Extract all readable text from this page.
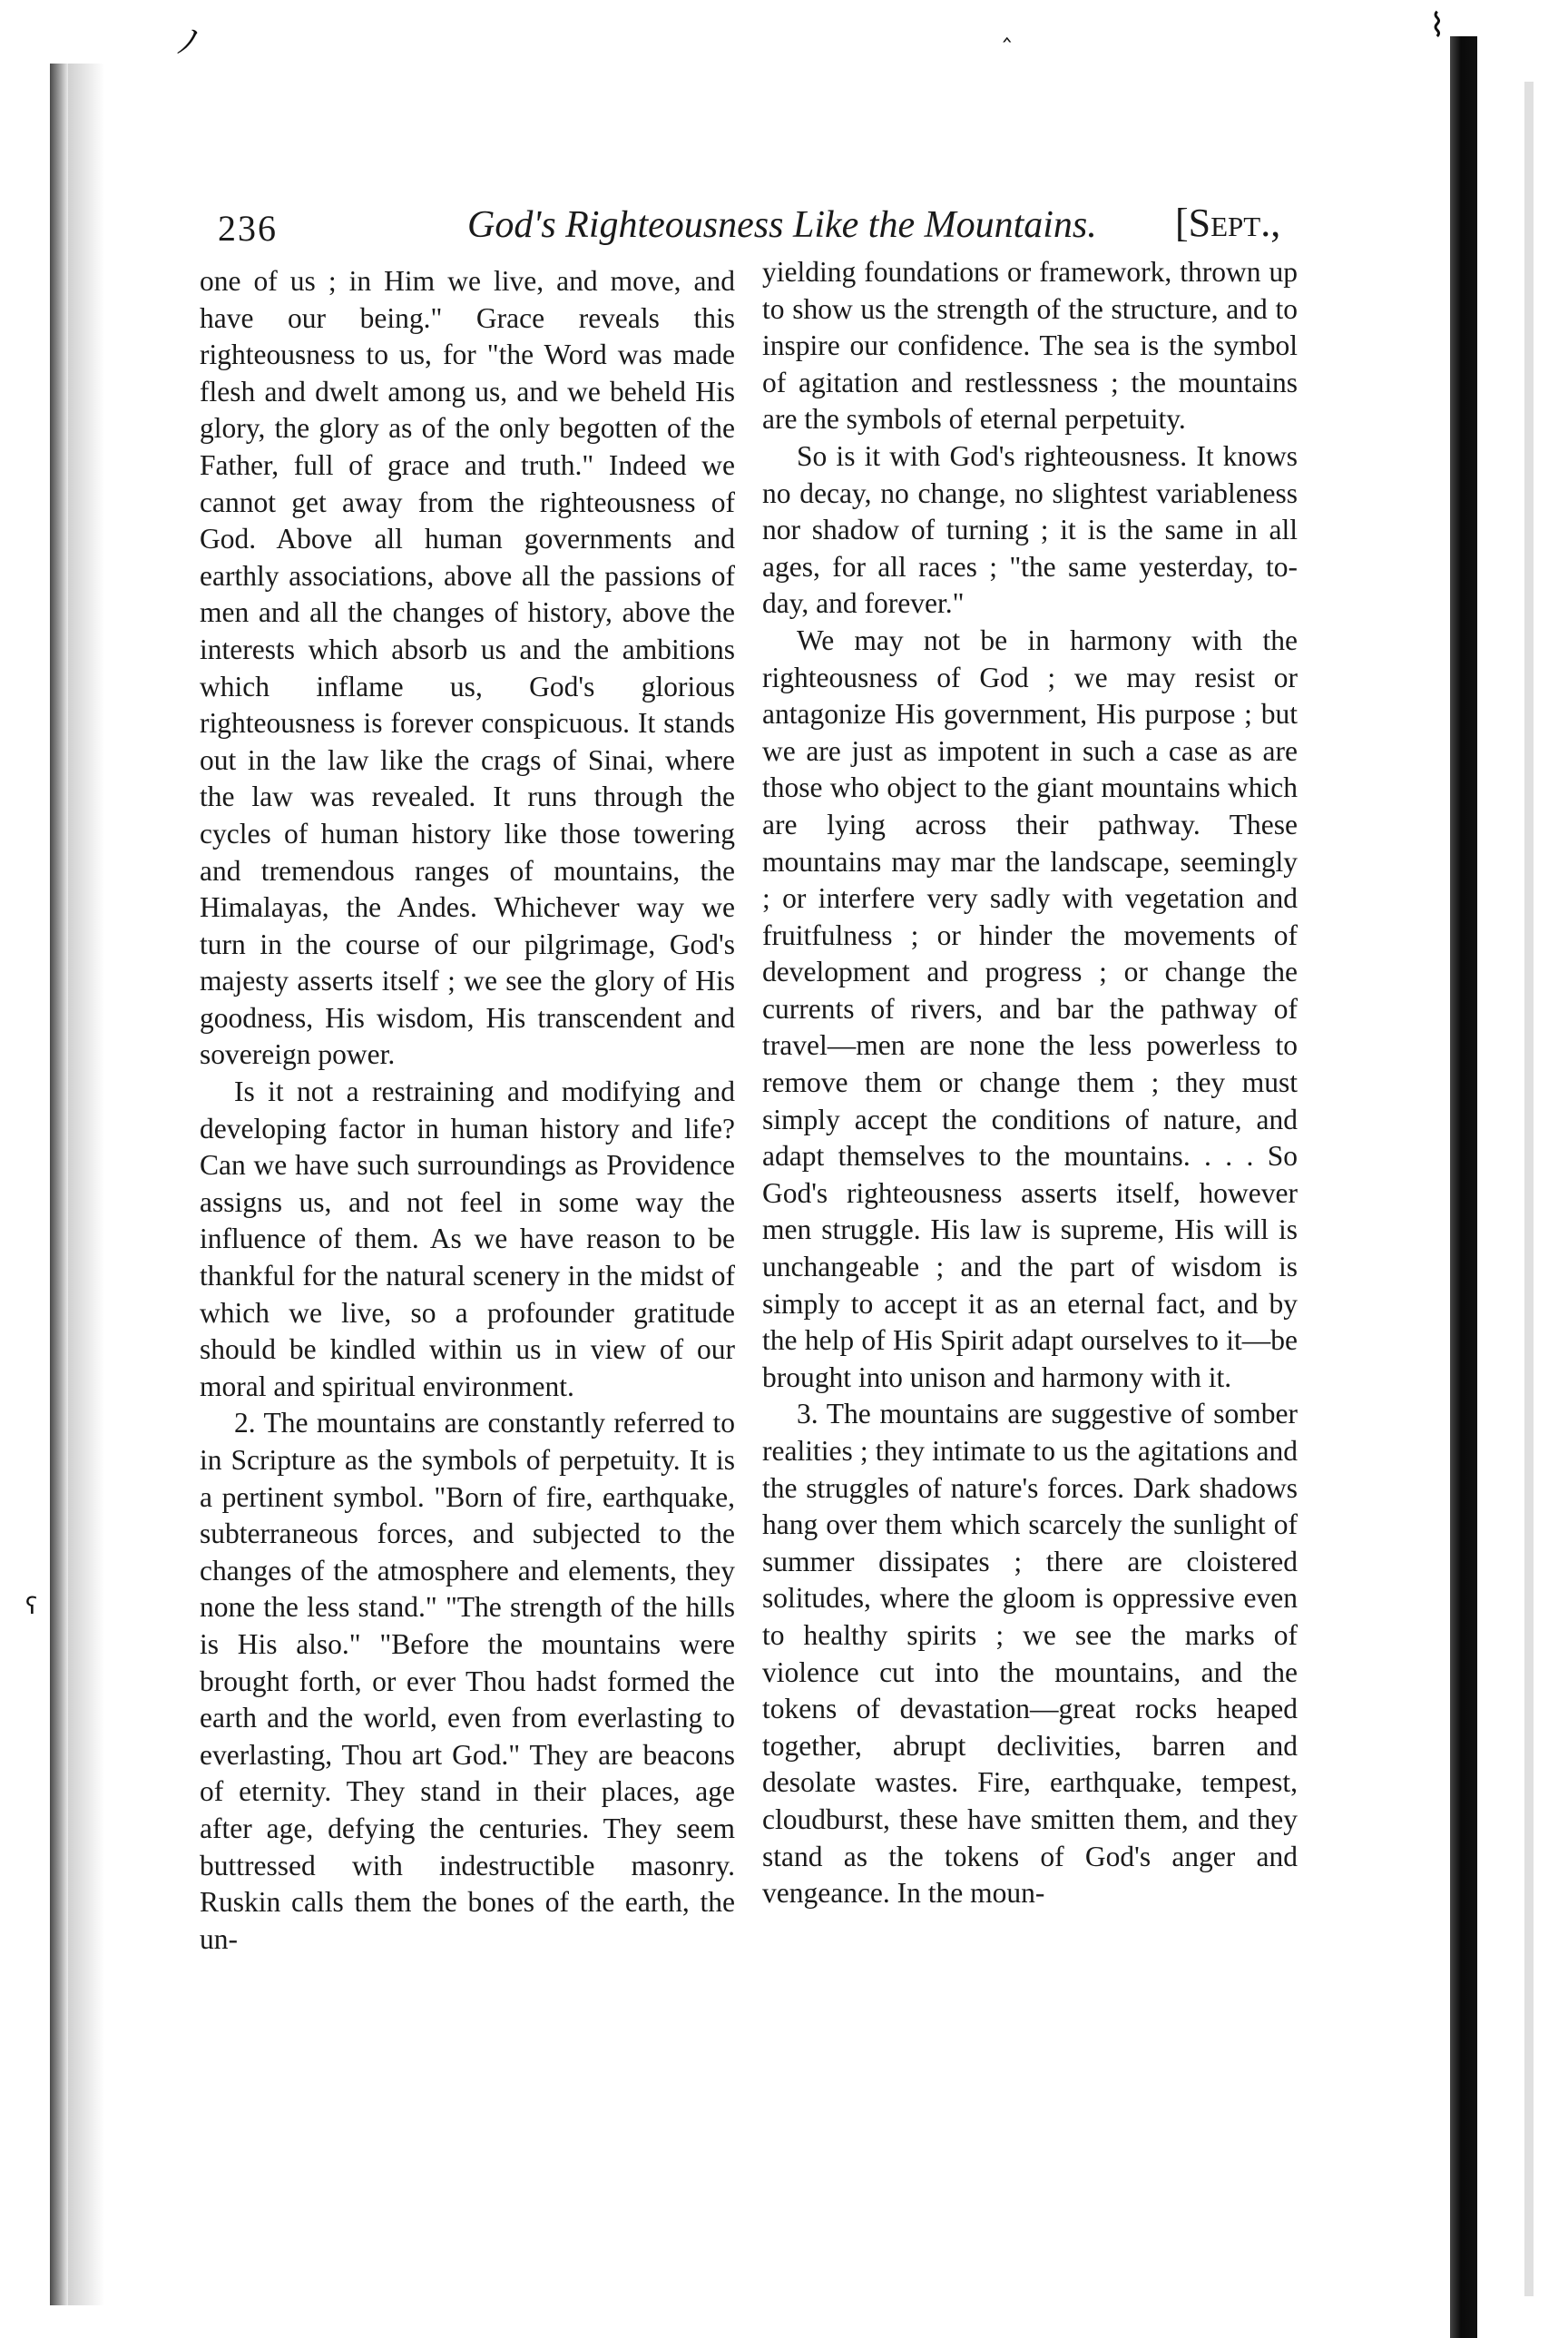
ノ	‸	⌇
ʕ
236	God's Righteousness Like the Mountains. [Sept.,

one of us ; in Him we live, and move, and have our being." Grace reveals this righteousness to us, for "the Word was made flesh and dwelt among us, and we beheld His glory, the glory as of the only begotten of the Father, full of grace and truth." Indeed we cannot get away from the righteousness of God. Above all human governments and earthly associations, above all the passions of men and all the changes of history, above the interests which absorb us and the ambitions which inflame us, God's glorious righteousness is forever conspicuous. It stands out in the law like the crags of Sinai, where the law was revealed. It runs through the cycles of human history like those towering and tremendous ranges of mountains, the Himalayas, the Andes. Whichever way we turn in the course of our pilgrimage, God's majesty asserts itself ; we see the glory of His goodness, His wisdom, His transcendent and sovereign power.

Is it not a restraining and modifying and developing factor in human history and life? Can we have such surroundings as Providence assigns us, and not feel in some way the influence of them. As we have reason to be thankful for the natural scenery in the midst of which we live, so a profounder gratitude should be kindled within us in view of our moral and spiritual environment.

2. The mountains are constantly referred to in Scripture as the symbols of perpetuity. It is a pertinent symbol. "Born of fire, earthquake, subterraneous forces, and subjected to the changes of the atmosphere and elements, they none the less stand." "The strength of the hills is His also." "Before the mountains were brought forth, or ever Thou hadst formed the earth and the world, even from everlasting to everlasting, Thou art God." They are beacons of eternity. They stand in their places, age after age, defying the centuries. They seem buttressed with indestructible masonry. Ruskin calls them the bones of the earth, the un-

yielding foundations or framework, thrown up to show us the strength of the structure, and to inspire our confidence. The sea is the symbol of agitation and restlessness ; the mountains are the symbols of eternal perpetuity.

So is it with God's righteousness. It knows no decay, no change, no slightest variableness nor shadow of turning ; it is the same in all ages, for all races ; "the same yesterday, to-day, and forever."

We may not be in harmony with the righteousness of God ; we may resist or antagonize His government, His purpose ; but we are just as impotent in such a case as are those who object to the giant mountains which are lying across their pathway. These mountains may mar the landscape, seemingly ; or interfere very sadly with vegetation and fruitfulness ; or hinder the movements of development and progress ; or change the currents of rivers, and bar the pathway of travel—men are none the less powerless to remove them or change them ; they must simply accept the conditions of nature, and adapt themselves to the mountains. . . . So God's righteousness asserts itself, however men struggle. His law is supreme, His will is unchangeable ; and the part of wisdom is simply to accept it as an eternal fact, and by the help of His Spirit adapt ourselves to it—be brought into unison and harmony with it.

3. The mountains are suggestive of somber realities ; they intimate to us the agitations and the struggles of nature's forces. Dark shadows hang over them which scarcely the sunlight of summer dissipates ; there are cloistered solitudes, where the gloom is oppressive even to healthy spirits ; we see the marks of violence cut into the mountains, and the tokens of devastation—great rocks heaped together, abrupt declivities, barren and desolate wastes. Fire, earthquake, tempest, cloudburst, these have smitten them, and they stand as the tokens of God's anger and vengeance. In the moun-
